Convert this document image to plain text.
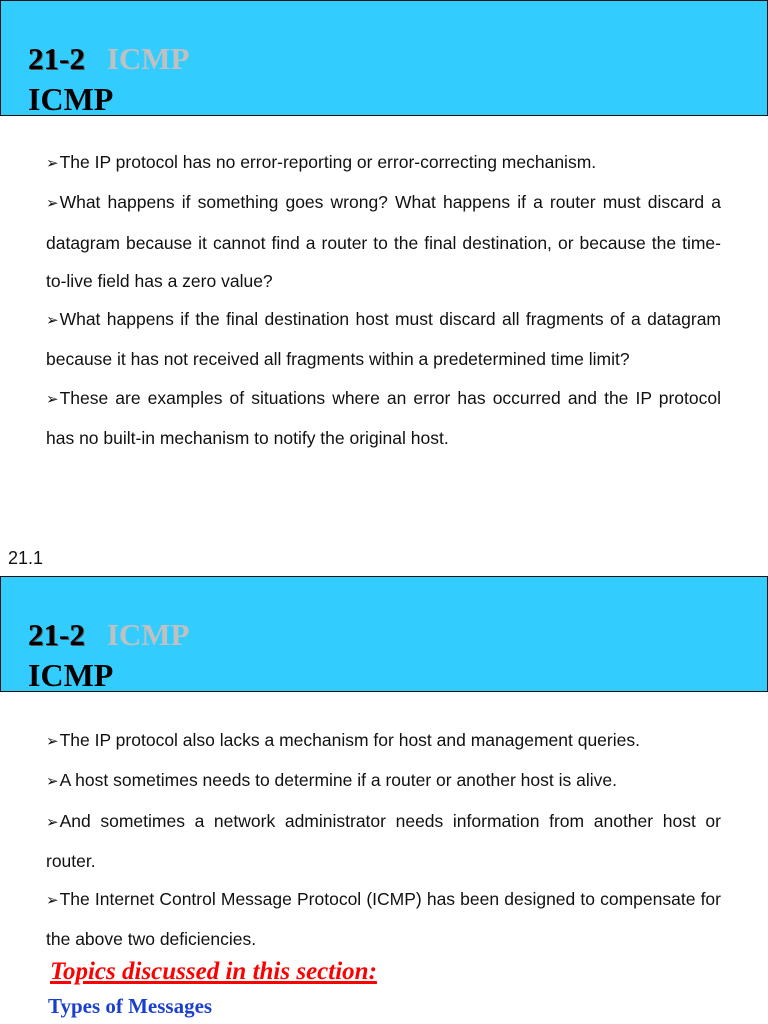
21-2 ICMP
ICMP

➢The IP protocol has no error-reporting or error-correcting mechanism.

➢What happens if something goes wrong? What happens if a router must discard a datagram because it cannot find a router to the final destination, or because the time-to-live field has a zero value?

➢What happens if the final destination host must discard all fragments of a datagram because it has not received all fragments within a predetermined time limit?

➢These are examples of situations where an error has occurred and the IP protocol has no built-in mechanism to notify the original host.

21.1
21-2 ICMP
ICMP

➢The IP protocol also lacks a mechanism for host and management queries.

➢A host sometimes needs to determine if a router or another host is alive.

➢And sometimes a network administrator needs information from another host or router.

➢The Internet Control Message Protocol (ICMP) has been designed to compensate for the above two deficiencies.

Topics discussed in this section:
Types of Messages
